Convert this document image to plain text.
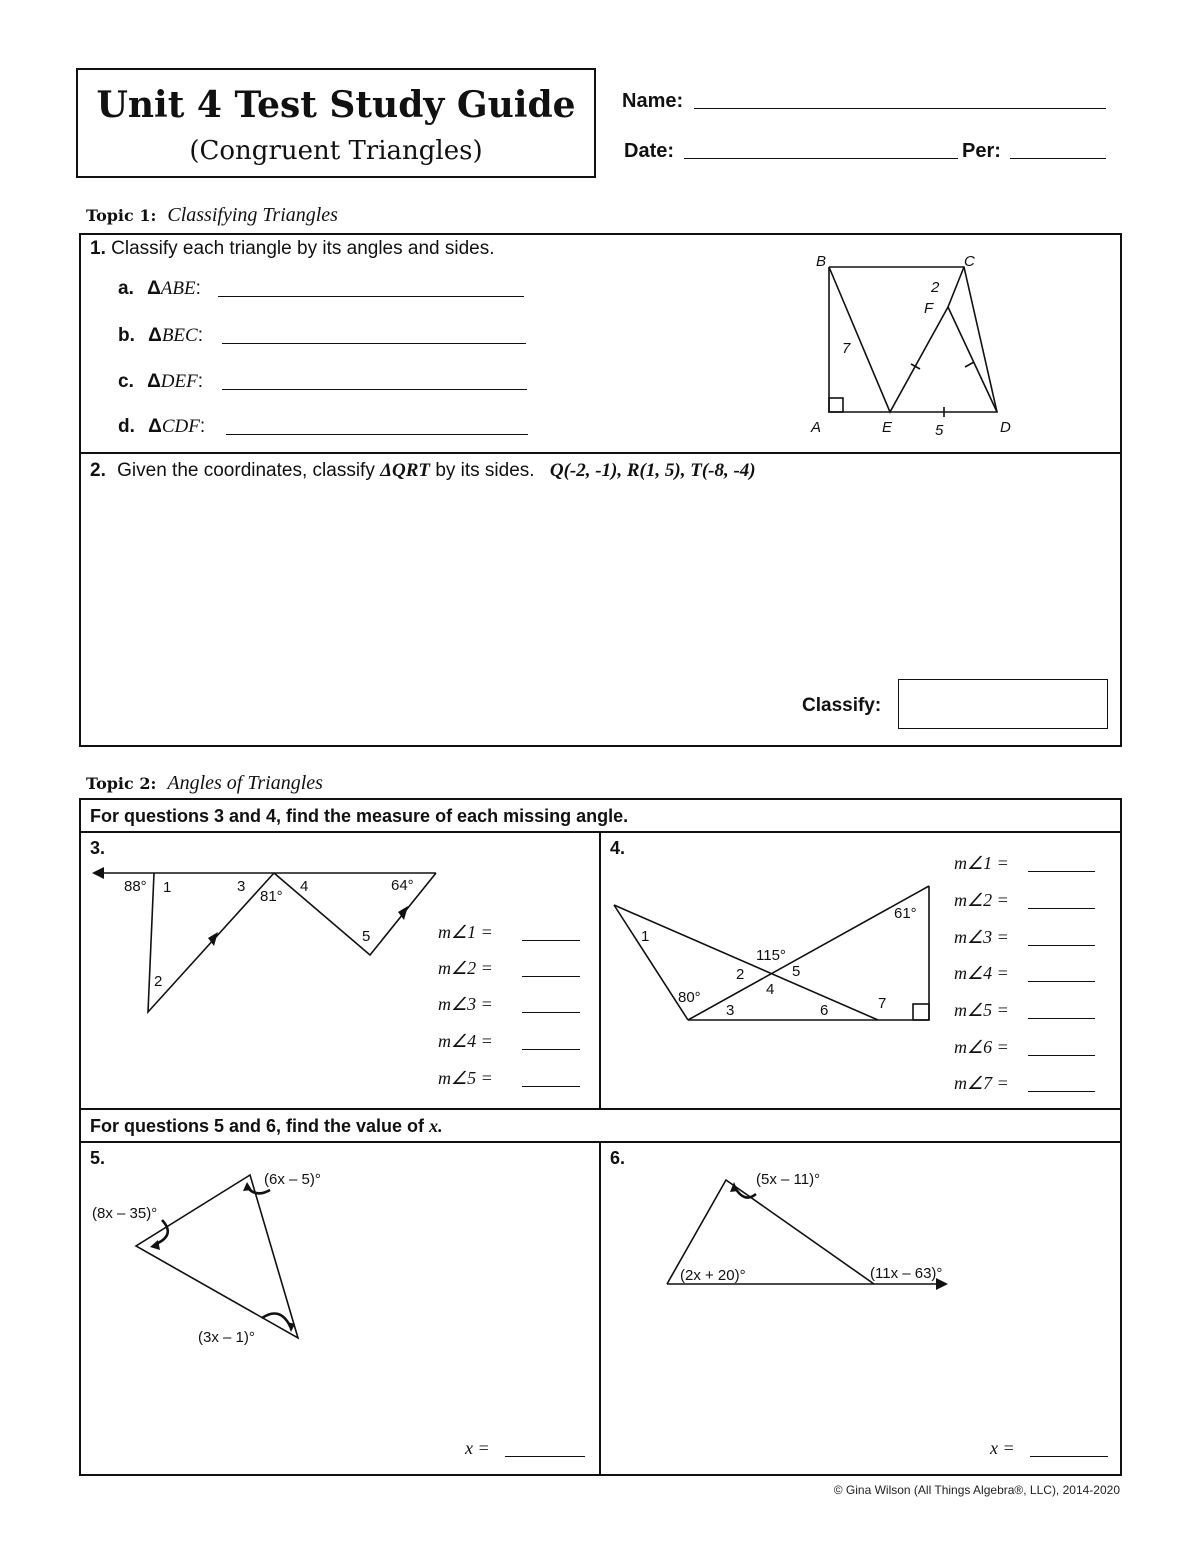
Unit 4 Test Study Guide
(Congruent Triangles)
Name:
Date:	Per:
Topic 1: Classifying Triangles
1. Classify each triangle by its angles and sides.
a. ΔABE:
b. ΔBEC:
c. ΔDEF:
d. ΔCDF:
B	C
A	E	D
F
7
5
2
2. Given the coordinates, classify ΔQRT by its sides. Q(-2, -1), R(1, 5), T(-8, -4)
Classify:
Topic 2: Angles of Triangles
For questions 3 and 4, find the measure of each missing angle.
For questions 5 and 6, find the value of x.
3.
88°
81°
64°
1
2
3	4
5	m∠1 =
m∠2 =
m∠3 =
m∠4 =
m∠5 =
4.
61°
115°
80°
1
2
3
4
5
6	7
m∠1 =
m∠2 =
m∠3 =
m∠4 =
m∠5 =
m∠6 =
m∠7 =
5.
(6x – 5)°
(8x – 35)°
(3x – 1)°
x =
6.
(5x – 11)°
(2x + 20)°	(11x – 63)°
x =
© Gina Wilson (All Things Algebra®, LLC), 2014-2020
